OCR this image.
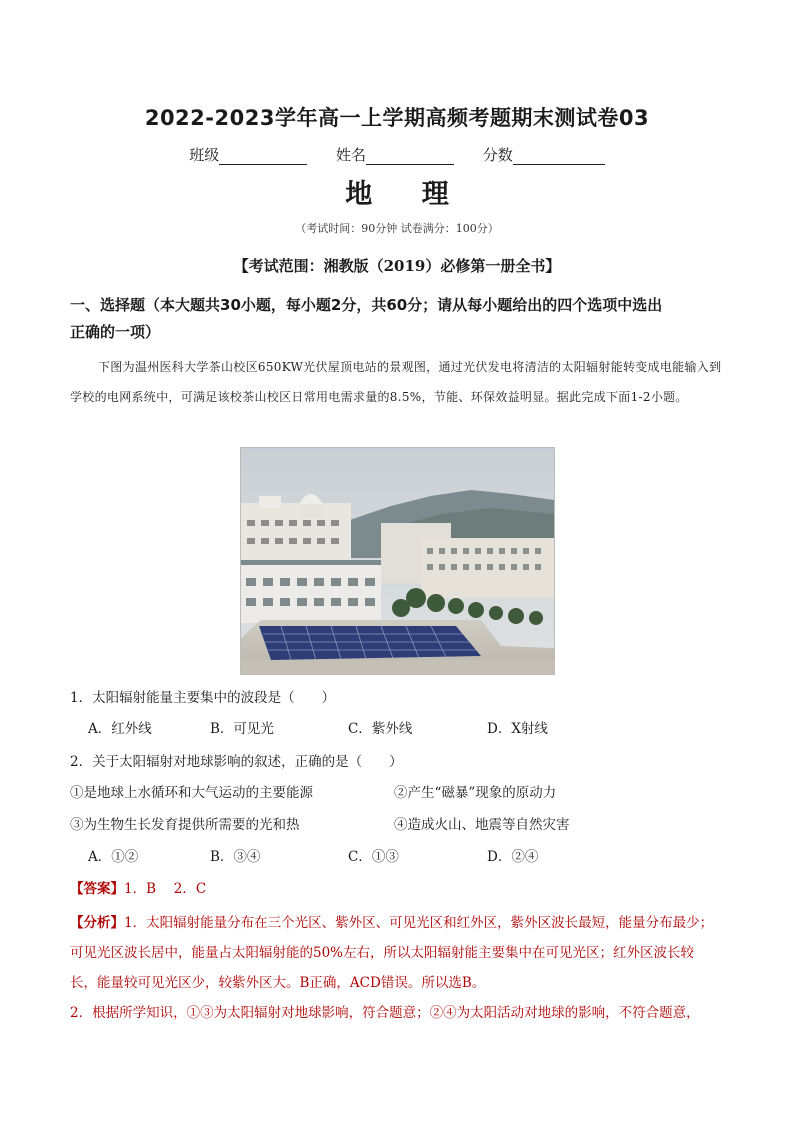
2022-2023学年高一上学期高频考题期末测试卷03
班级	姓名	分数
地 理
（考试时间：90分钟 试卷满分：100分）
【考试范围：湘教版（2019）必修第一册全书】
一、选择题（本大题共30小题，每小题2分，共60分；请从每小题给出的四个选项中选出
正确的一项）
下图为温州医科大学茶山校区650KW光伏屋顶电站的景观图，通过光伏发电将清洁的太阳辐射能转变成电能输入到学校的电网系统中，可满足该校茶山校区日常用电需求量的8.5%，节能、环保效益明显。据此完成下面1-2小题。
1．太阳辐射能量主要集中的波段是（　　）
A．红外线	B．可见光	C．紫外线	D．X射线
2．关于太阳辐射对地球影响的叙述，正确的是（　　）
①是地球上水循环和大气运动的主要能源	②产生“磁暴”现象的原动力
③为生物生长发育提供所需要的光和热	④造成火山、地震等自然灾害
A．①②	B．③④	C．①③	D．②④
【答案】1．B　 2．C
【分析】1．太阳辐射能量分布在三个光区、紫外区、可见光区和红外区，紫外区波长最短，能量分布最少；
可见光区波长居中，能量占太阳辐射能的50%左右，所以太阳辐射能主要集中在可见光区；红外区波长较
长，能量较可见光区少，较紫外区大。B正确，ACD错误。所以选B。
2．根据所学知识，①③为太阳辐射对地球影响，符合题意；②④为太阳活动对地球的影响，不符合题意，
